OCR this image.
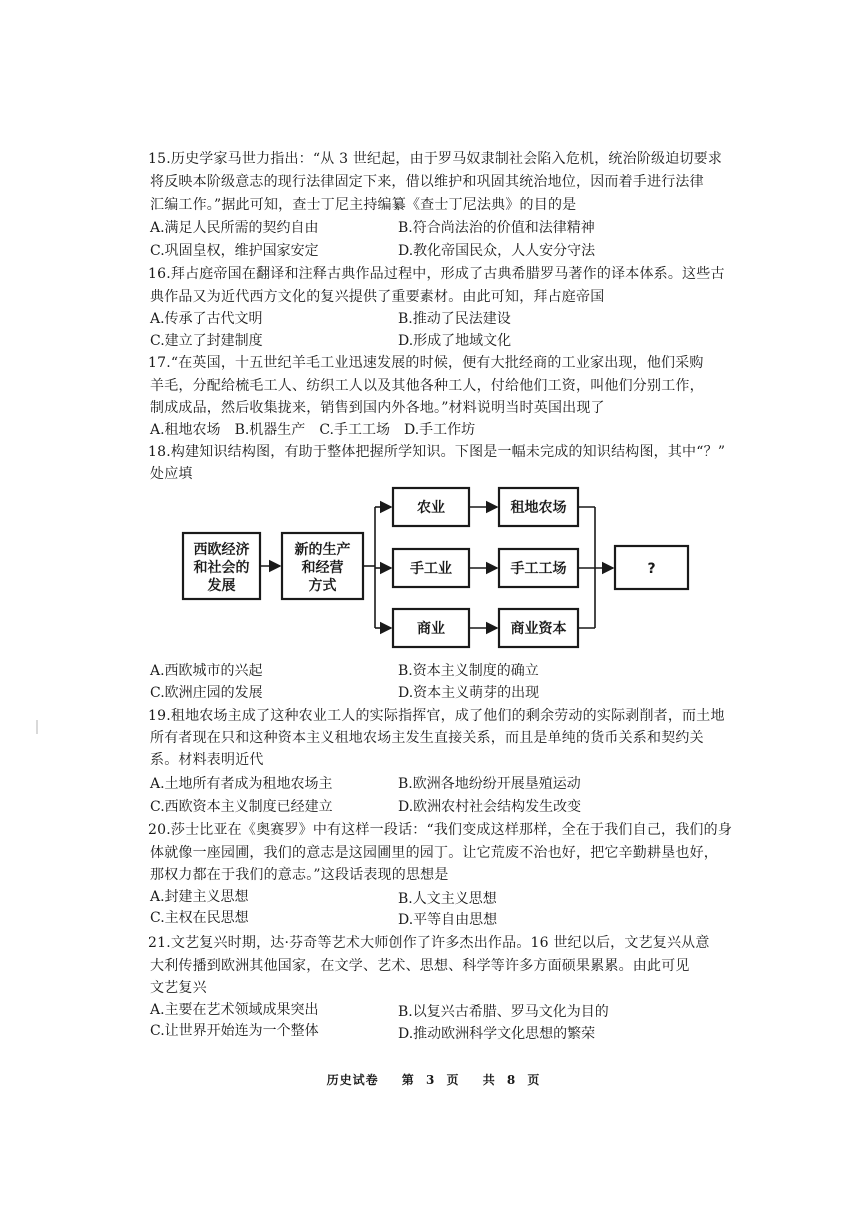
15.历史学家马世力指出：“从 3 世纪起，由于罗马奴隶制社会陷入危机，统治阶级迫切要求
将反映本阶级意志的现行法律固定下来，借以维护和巩固其统治地位，因而着手进行法律
汇编工作。”据此可知，查士丁尼主持编纂《查士丁尼法典》的目的是
A.满足人民所需的契约自由	B.符合尚法治的价值和法律精神
C.巩固皇权，维护国家安定	D.教化帝国民众，人人安分守法
16.拜占庭帝国在翻译和注释古典作品过程中，形成了古典希腊罗马著作的译本体系。这些古
典作品又为近代西方文化的复兴提供了重要素材。由此可知，拜占庭帝国
A.传承了古代文明	B.推动了民法建设
C.建立了封建制度	D.形成了地域文化
17.“在英国，十五世纪羊毛工业迅速发展的时候，便有大批经商的工业家出现，他们采购
羊毛，分配给梳毛工人、纺织工人以及其他各种工人，付给他们工资，叫他们分别工作，
制成成品，然后收集拢来，销售到国内外各地。”材料说明当时英国出现了
A.租地农场 B.机器生产 C.手工工场 D.手工作坊
18.构建知识结构图，有助于整体把握所学知识。下图是一幅未完成的知识结构图，其中“？”
处应填
西欧经济
和社会的
发展
新的生产
和经营
方式
农业
手工业
商业
租地农场
手工工场
商业资本
?
A.西欧城市的兴起	B.资本主义制度的确立
C.欧洲庄园的发展	D.资本主义萌芽的出现
19.租地农场主成了这种农业工人的实际指挥官，成了他们的剩余劳动的实际剥削者，而土地
所有者现在只和这种资本主义租地农场主发生直接关系，而且是单纯的货币关系和契约关
系。材料表明近代
A.土地所有者成为租地农场主	B.欧洲各地纷纷开展垦殖运动
C.西欧资本主义制度已经建立	D.欧洲农村社会结构发生改变
20.莎士比亚在《奥赛罗》中有这样一段话：“我们变成这样那样，全在于我们自己，我们的身
体就像一座园圃，我们的意志是这园圃里的园丁。让它荒废不治也好，把它辛勤耕垦也好，
那权力都在于我们的意志。”这段话表现的思想是
A.封建主义思想	B.人文主义思想
C.主权在民思想	D.平等自由思想
21.文艺复兴时期，达·芬奇等艺术大师创作了许多杰出作品。16 世纪以后，文艺复兴从意
大利传播到欧洲其他国家，在文学、艺术、思想、科学等许多方面硕果累累。由此可见
文艺复兴
A.主要在艺术领域成果突出	B.以复兴古希腊、罗马文化为目的
C.让世界开始连为一个整体	D.推动欧洲科学文化思想的繁荣
历史试卷 第 3 页 共 8 页
